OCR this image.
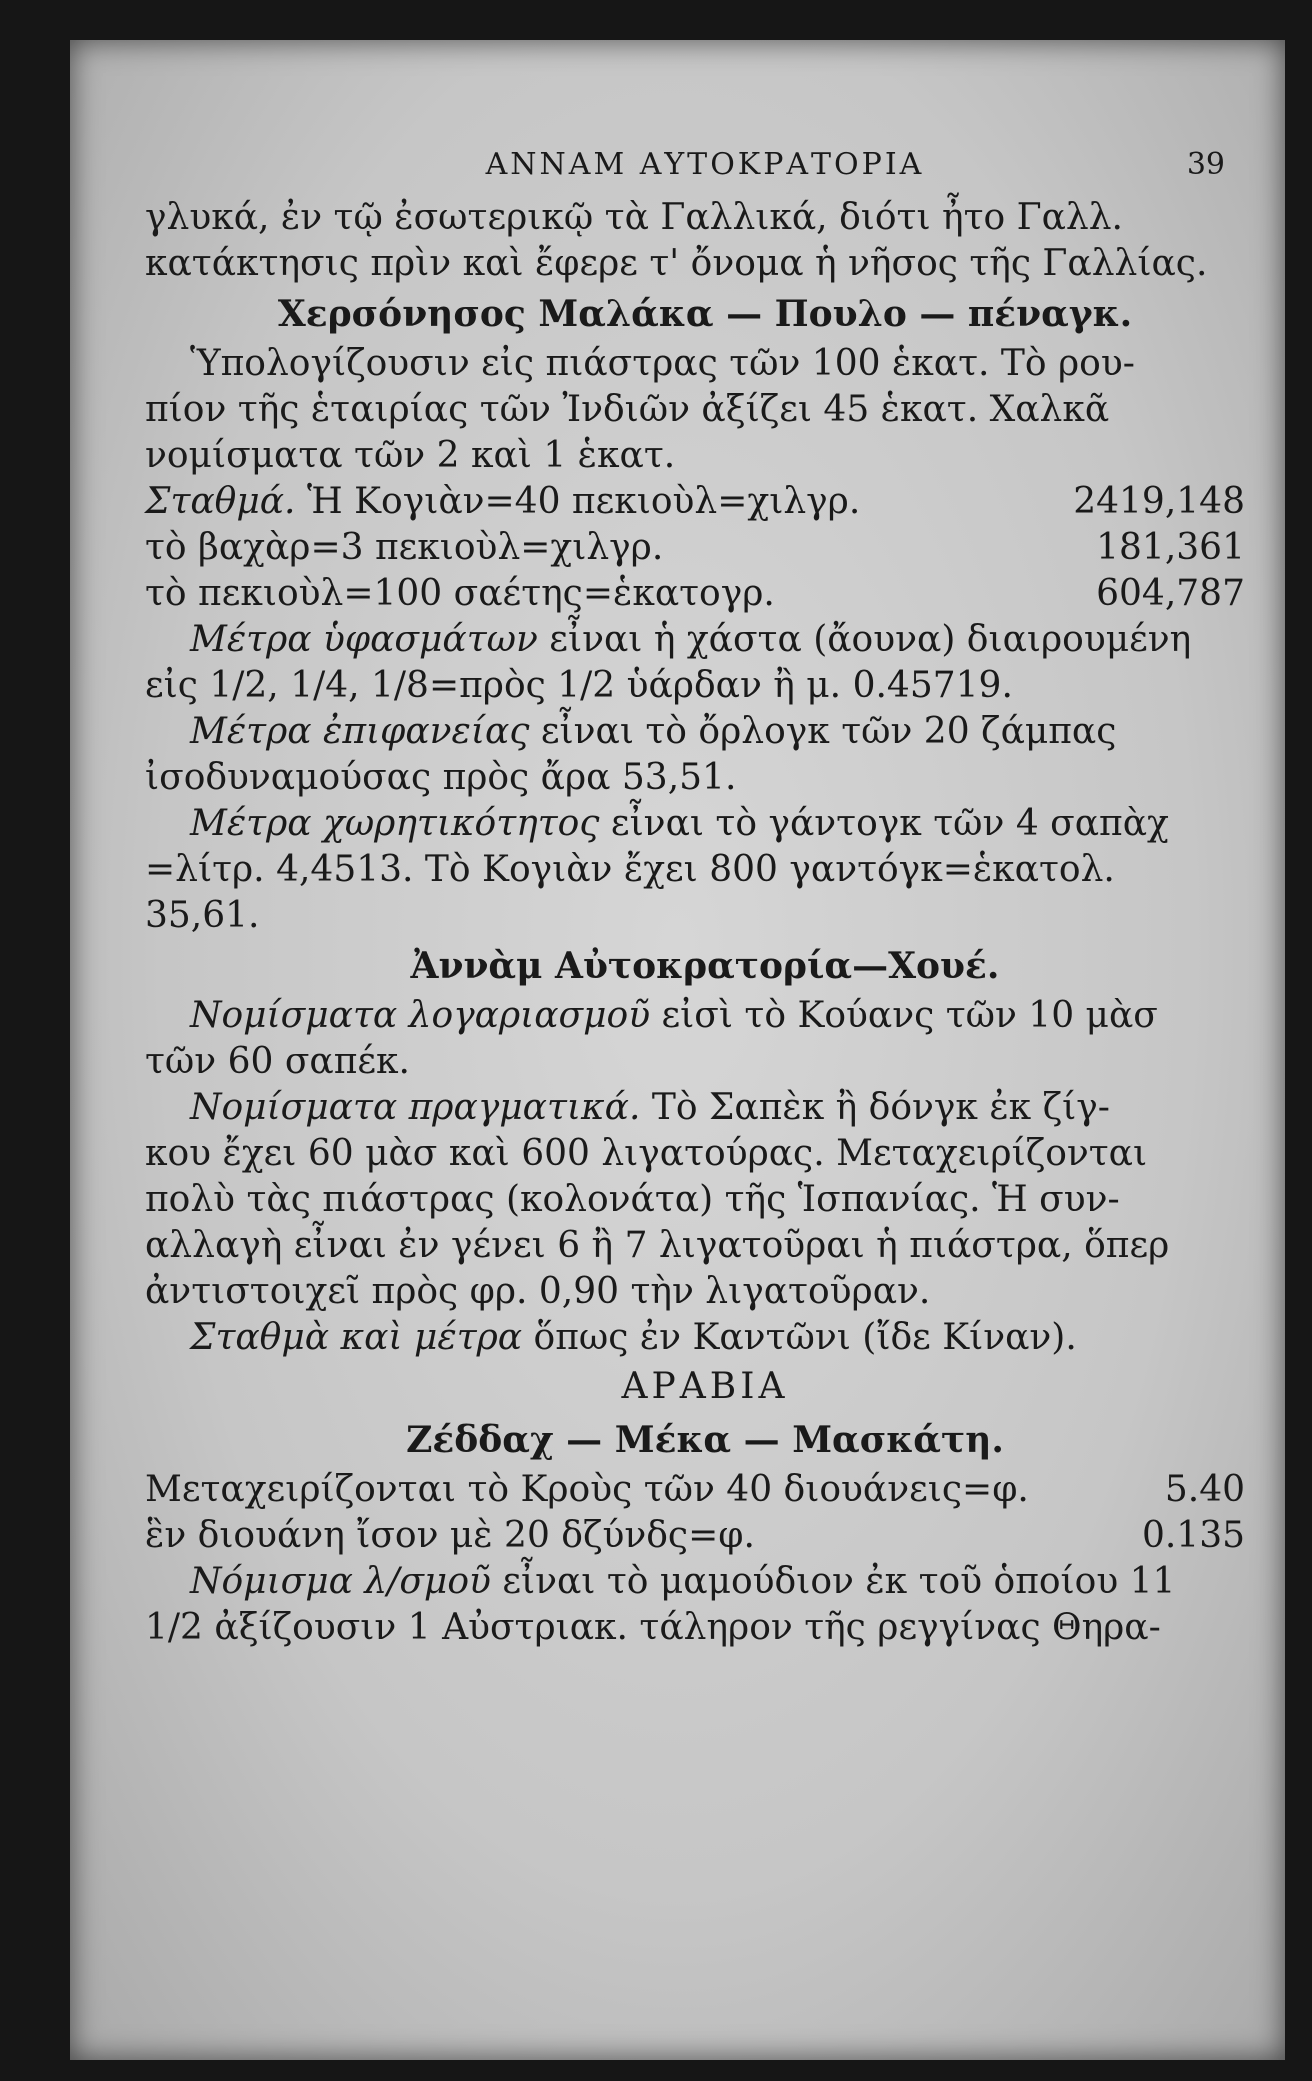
ΑΝΝΑΜ ΑΥΤΟΚΡΑΤΟΡΙΑ	39
γλυκά, ἐν τῷ ἐσωτερικῷ τὰ Γαλλικά, διότι ἦτο Γαλλ.
κατάκτησις πρὶν καὶ ἔφερε τ' ὄνομα ἡ νῆσος τῆς Γαλλίας.
Χερσόνησος Μαλάκα — Πουλο — πέναγκ.
Ὑπολογίζουσιν εἰς πιάστρας τῶν 100 ἑκατ. Τὸ ρου-
πίον τῆς ἑταιρίας τῶν Ἰνδιῶν ἀξίζει 45 ἑκατ. Χαλκᾶ
νομίσματα τῶν 2 καὶ 1 ἑκατ.
Σταθμά. Ἡ Κογιὰν=40 πεκιοὺλ=χιλγρ.	2419,148
τὸ βαχὰρ=3 πεκιοὺλ=χιλγρ.	181,361
τὸ πεκιοὺλ=100 σαέτης=ἑκατογρ.	604,787
Μέτρα ὑφασμάτων εἶναι ἡ χάστα (ἄουνα) διαιρουμένη
εἰς 1/2, 1/4, 1/8=πρὸς 1/2 ὑάρδαν ἢ μ. 0.45719.
Μέτρα ἐπιφανείας εἶναι τὸ ὄρλογκ τῶν 20 ζάμπας
ἰσοδυναμούσας πρὸς ἄρα 53,51.
Μέτρα χωρητικότητος εἶναι τὸ γάντογκ τῶν 4 σαπὰχ
=λίτρ. 4,4513. Τὸ Κογιὰν ἔχει 800 γαντόγκ=ἑκατολ.
35,61.
Ἀννὰμ Αὐτοκρατορία—Χουέ.
Νομίσματα λογαριασμοῦ εἰσὶ τὸ Κούανς τῶν 10 μὰσ
τῶν 60 σαπέκ.
Νομίσματα πραγματικά. Τὸ Σαπὲκ ἢ δόνγκ ἐκ ζίγ-
κου ἔχει 60 μὰσ καὶ 600 λιγατούρας. Μεταχειρίζονται
πολὺ τὰς πιάστρας (κολονάτα) τῆς Ἱσπανίας. Ἡ συν-
αλλαγὴ εἶναι ἐν γένει 6 ἢ 7 λιγατοῦραι ἡ πιάστρα, ὅπερ
ἀντιστοιχεῖ πρὸς φρ. 0,90 τὴν λιγατοῦραν.
Σταθμὰ καὶ μέτρα ὅπως ἐν Καντῶνι (ἴδε Κίναν).
ΑΡΑΒΙΑ
Ζέδδαχ — Μέκα — Μασκάτη.
Μεταχειρίζονται τὸ Κροὺς τῶν 40 διουάνεις=φ.	5.40
ἓν διουάνη ἴσον μὲ 20 δζύνδς=φ.	0.135
Νόμισμα λ/σμοῦ εἶναι τὸ μαμούδιον ἐκ τοῦ ὁποίου 11
1/2 ἀξίζουσιν 1 Αὐστριακ. τάληρον τῆς ρεγγίνας Θηρα-
